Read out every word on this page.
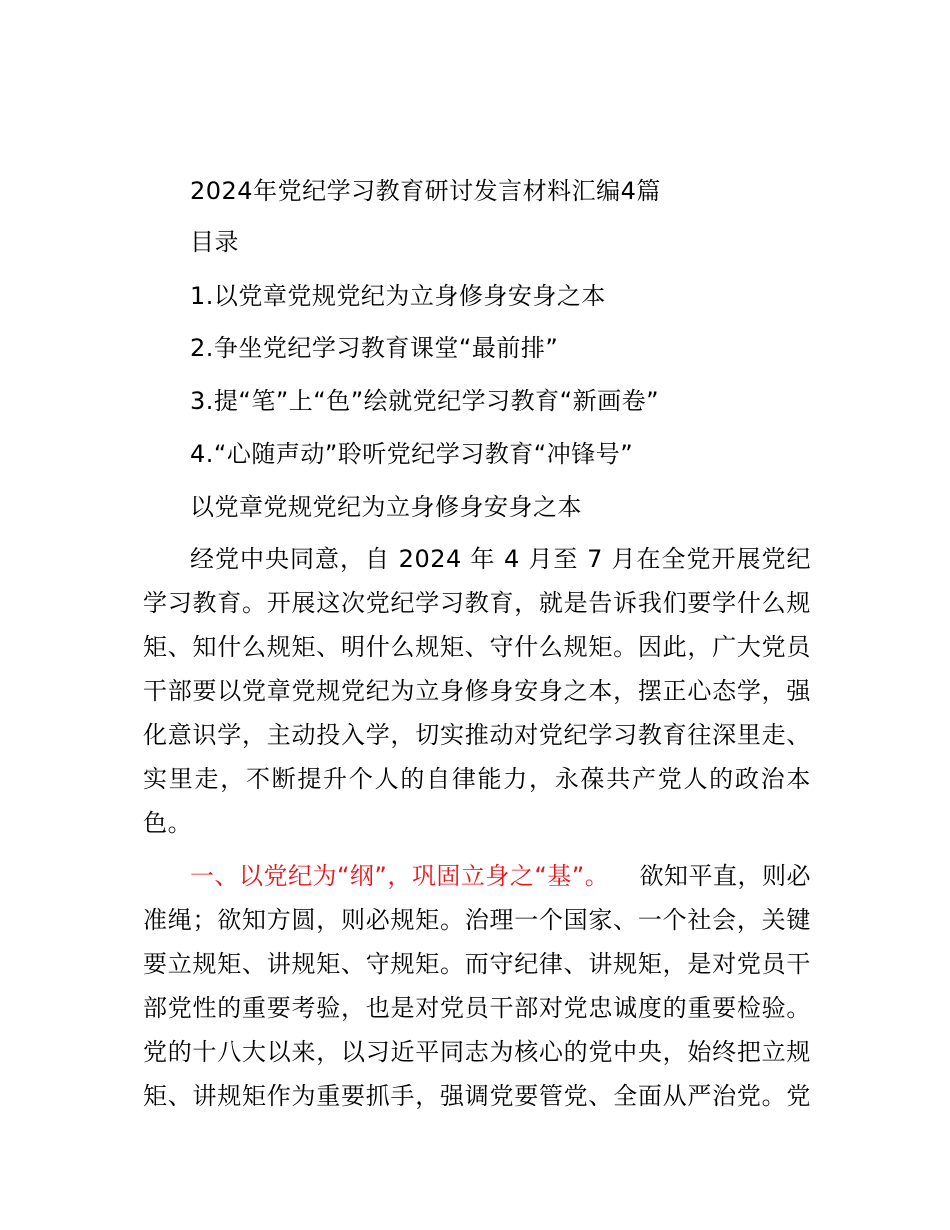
2024年党纪学习教育研讨发言材料汇编4篇
目录
1.以党章党规党纪为立身修身安身之本
2.争坐党纪学习教育课堂“最前排”
3.提“笔”上“色”绘就党纪学习教育“新画卷”
4.“心随声动”聆听党纪学习教育“冲锋号”
以党章党规党纪为立身修身安身之本
经党中央同意，自 2024 年 4 月至 7 月在全党开展党纪
学习教育。开展这次党纪学习教育，就是告诉我们要学什么规
矩、知什么规矩、明什么规矩、守什么规矩。因此，广大党员
干部要以党章党规党纪为立身修身安身之本，摆正心态学，强
化意识学，主动投入学，切实推动对党纪学习教育往深里走、
实里走，不断提升个人的自律能力，永葆共产党人的政治本
色。
一、以党纪为“纲”，巩固立身之“基”。 欲知平直，则必
准绳；欲知方圆，则必规矩。治理一个国家、一个社会，关键
要立规矩、讲规矩、守规矩。而守纪律、讲规矩，是对党员干
部党性的重要考验，也是对党员干部对党忠诚度的重要检验。
党的十八大以来，以习近平同志为核心的党中央，始终把立规
矩、讲规矩作为重要抓手，强调党要管党、全面从严治党。党
